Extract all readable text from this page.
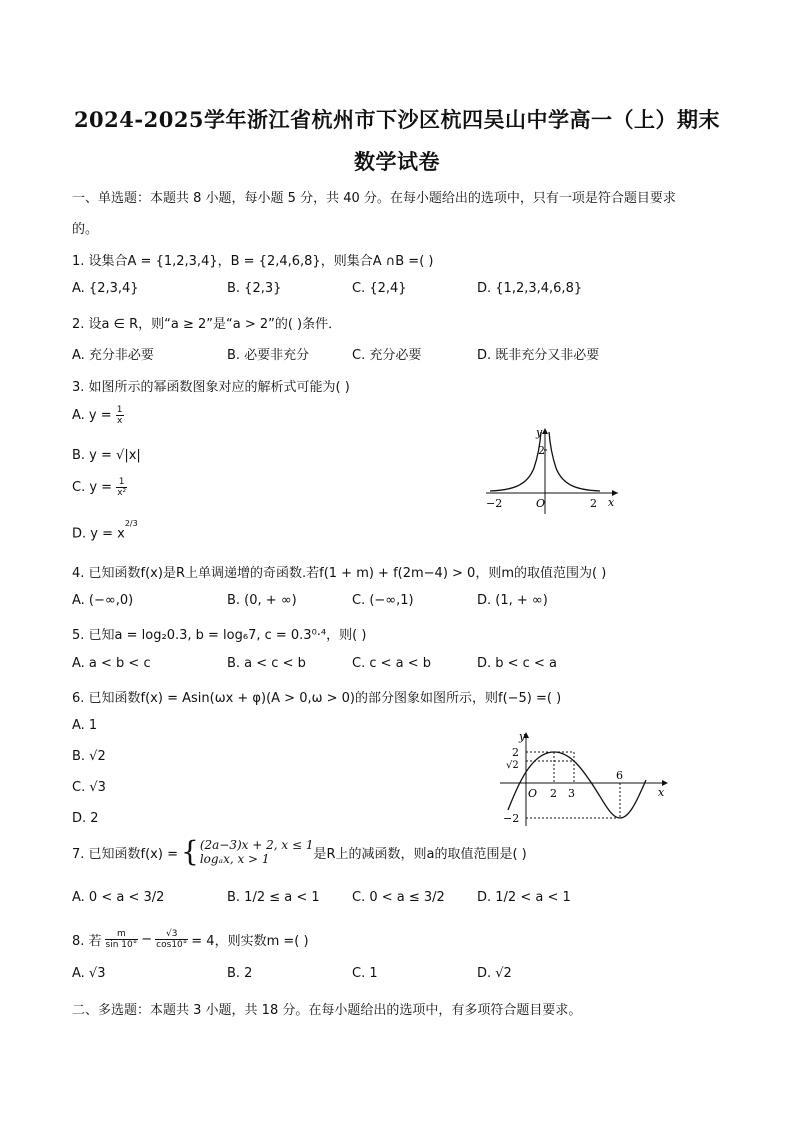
2024-2025学年浙江省杭州市下沙区杭四吴山中学高一（上）期末
数学试卷
一、单选题：本题共 8 小题，每小题 5 分，共 40 分。在每小题给出的选项中，只有一项是符合题目要求
的。
1. 设集合A = {1,2,3,4}，B = {2,4,6,8}，则集合A ∩B =( )
A. {2,3,4}	B. {2,3}	C. {2,4}	D. {1,2,3,4,6,8}
2. 设a ∈ R，则“a ≥ 2”是“a > 2”的( )条件．
A. 充分非必要	B. 必要非充分	C. 充分必要	D. 既非充分又非必要
3. 如图所示的幂函数图象对应的解析式可能为( )
A. $y = \frac{1}{x}$
B. y = √|x|
C. $y = \frac{1}{\text{x²}}$
D. $y = x^{2/3}$
y
2
−2	O	2 x
4. 已知函数f(x)是R上单调递增的奇函数.若f(1 + m) + f(2m−4) > 0，则m的取值范围为( )
A. (−∞,0)	B. (0, + ∞)	C. (−∞,1)	D. (1, + ∞)
5. 已知a = log₂0.3, b = log₆7, c = 0.3⁰·⁴，则( )
A. a < b < c	B. a < c < b	C. c < a < b	D. b < c < a
6. 已知函数f(x) = Asin(ωx + φ)(A > 0,ω > 0)的部分图象如图所示，则f(−5) =( )
A. 1
B. √2
C. √3
D. 2
y
2
√2
−2
O 2 3
6
x
7. 已知函数f(x) = { (2a−3)x + 2, x ≤ 1
logₐx, x > 1	是R上的减函数，则a的取值范围是( )
A. 0 < a < 3/2	B. 1/2 ≤ a < 1 C. 0 < a ≤ 3/2 D. 1/2 < a < 1
8. 若 $\frac{m}{\sin 10^\circ} - \frac{√3}{\cos 10^\circ} = 4$，则实数m =( )
A. √3	B. 2	C. 1	D. √2
二、多选题：本题共 3 小题，共 18 分。在每小题给出的选项中，有多项符合题目要求。
